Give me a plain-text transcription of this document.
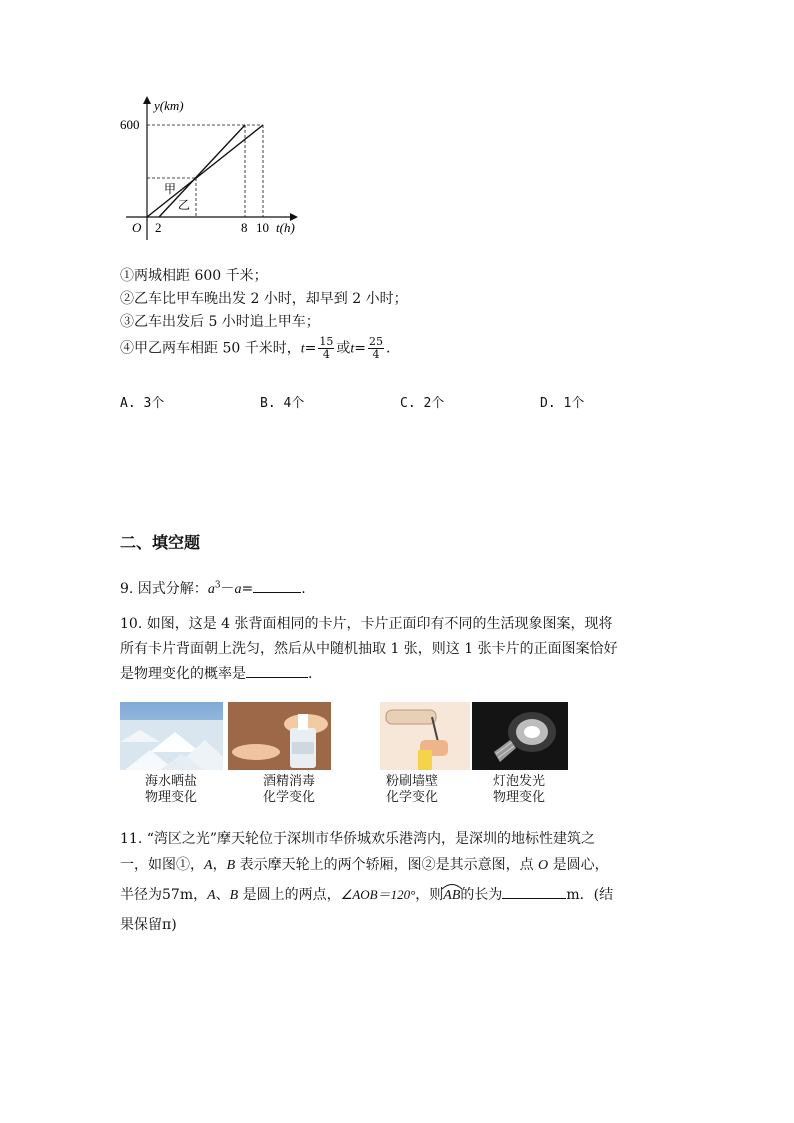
y(km)
600
O 2	8 10 t(h)
甲
乙
①两城相距 600 千米；
②乙车比甲车晚出发 2 小时，却早到 2 小时；
③乙车出发后 5 小时追上甲车；
④甲乙两车相距 50 千米时，$t= \frac{15}{4}$ 或$t= \frac{25}{4}$ .
A. 3个	B. 4个	C. 2个	D. 1个
二、填空题
9. 因式分解：$a^3-a=$	.
10. 如图，这是 4 张背面相同的卡片，卡片正面印有不同的生活现象图案，现将
所有卡片背面朝上洗匀，然后从中随机抽取 1 张，则这 1 张卡片的正面图案恰好
是物理变化的概率是	.
海水晒盐
物理变化
酒精消毒
化学变化
粉刷墙壁
化学变化
灯泡发光
物理变化
11. “湾区之光”摩天轮位于深圳市华侨城欢乐港湾内，是深圳的地标性建筑之
一，如图①，A，B 表示摩天轮上的两个轿厢，图②是其示意图，点 O 是圆心，
半径为57m，A、B 是圆上的两点，∠AOB＝120°，则AB
的长为	m．(结
果保留π)
